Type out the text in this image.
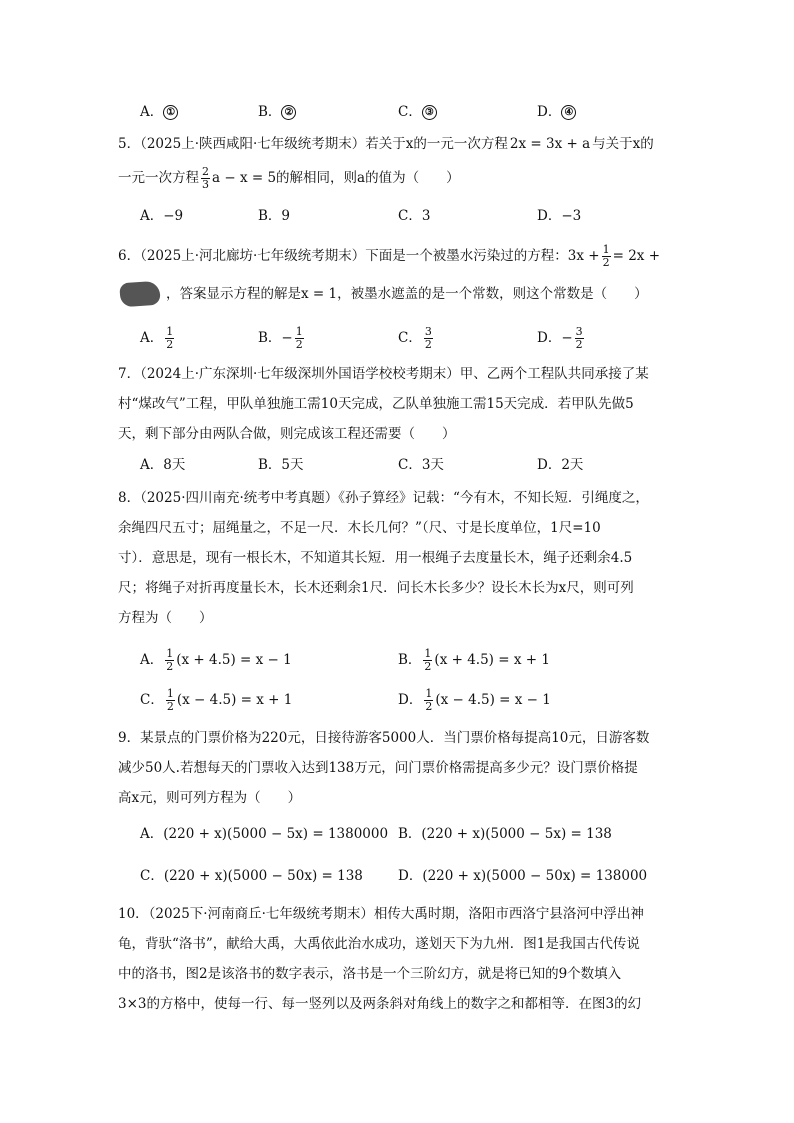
A． ①	B． ②	C． ③	D． ④
5．（2025上·陕西咸阳·七年级统考期末）若关于x的一元一次方程 2x = 3x + a 与关于x的
一元一次方程 $\frac{2}{3}$ a − x = 5的解相同，则a的值为（　　）
A．−9	B．9	C．3	D．−3
6．（2025上·河北廊坊·七年级统考期末）下面是一个被墨水污染过的方程：$3x + \frac{1}{2} = 2x$ +
，答案显示方程的解是x = 1，被墨水遮盖的是一个常数，则这个常数是（　　）
A． $\frac{1}{2}$	B．− $\frac{1}{2}$	C． $\frac{3}{2}$	D．− $\frac{3}{2}$
7．（2024上·广东深圳·七年级深圳外国语学校校考期末）甲、乙两个工程队共同承接了某
村“煤改气”工程，甲队单独施工需10天完成，乙队单独施工需15天完成．若甲队先做5
天，剩下部分由两队合做，则完成该工程还需要（　　）
A．8天	B．5天	C．3天	D．2天
8．（2025·四川南充·统考中考真题）《孙子算经》记载：“今有木，不知长短．引绳度之，
余绳四尺五寸；屈绳量之，不足一尺．木长几何？”（尺、寸是长度单位，1尺=10
寸）．意思是，现有一根长木，不知道其长短．用一根绳子去度量长木，绳子还剩余4.5
尺；将绳子对折再度量长木，长木还剩余1尺．问长木长多少？设长木长为x尺，则可列
方程为（　　）
A． $\frac{1}{2} (x + 4.5) = x - 1$	B． $\frac{1}{2} (x + 4.5) = x + 1$
C． $\frac{1}{2} (x - 4.5) = x + 1$	D． $\frac{1}{2} (x - 4.5) = x - 1$
9．某景点的门票价格为220元，日接待游客5000人．当门票价格每提高10元，日游客数
减少50人.若想每天的门票收入达到138万元，问门票价格需提高多少元？设门票价格提
高x元，则可列方程为（　　）
A．(220 + x)(5000 − 5x) = 1380000 B．(220 + x)(5000 − 5x) = 138
C．(220 + x)(5000 − 50x) = 138	D．(220 + x)(5000 − 50x) = 138000
10．（2025下·河南商丘·七年级统考期末）相传大禹时期，洛阳市西洛宁县洛河中浮出神
龟，背驮“洛书”，献给大禹，大禹依此治水成功，遂划天下为九州．图1是我国古代传说
中的洛书，图2是该洛书的数字表示，洛书是一个三阶幻方，就是将已知的9个数填入
3×3的方格中，使每一行、每一竖列以及两条斜对角线上的数字之和都相等．在图3的幻
